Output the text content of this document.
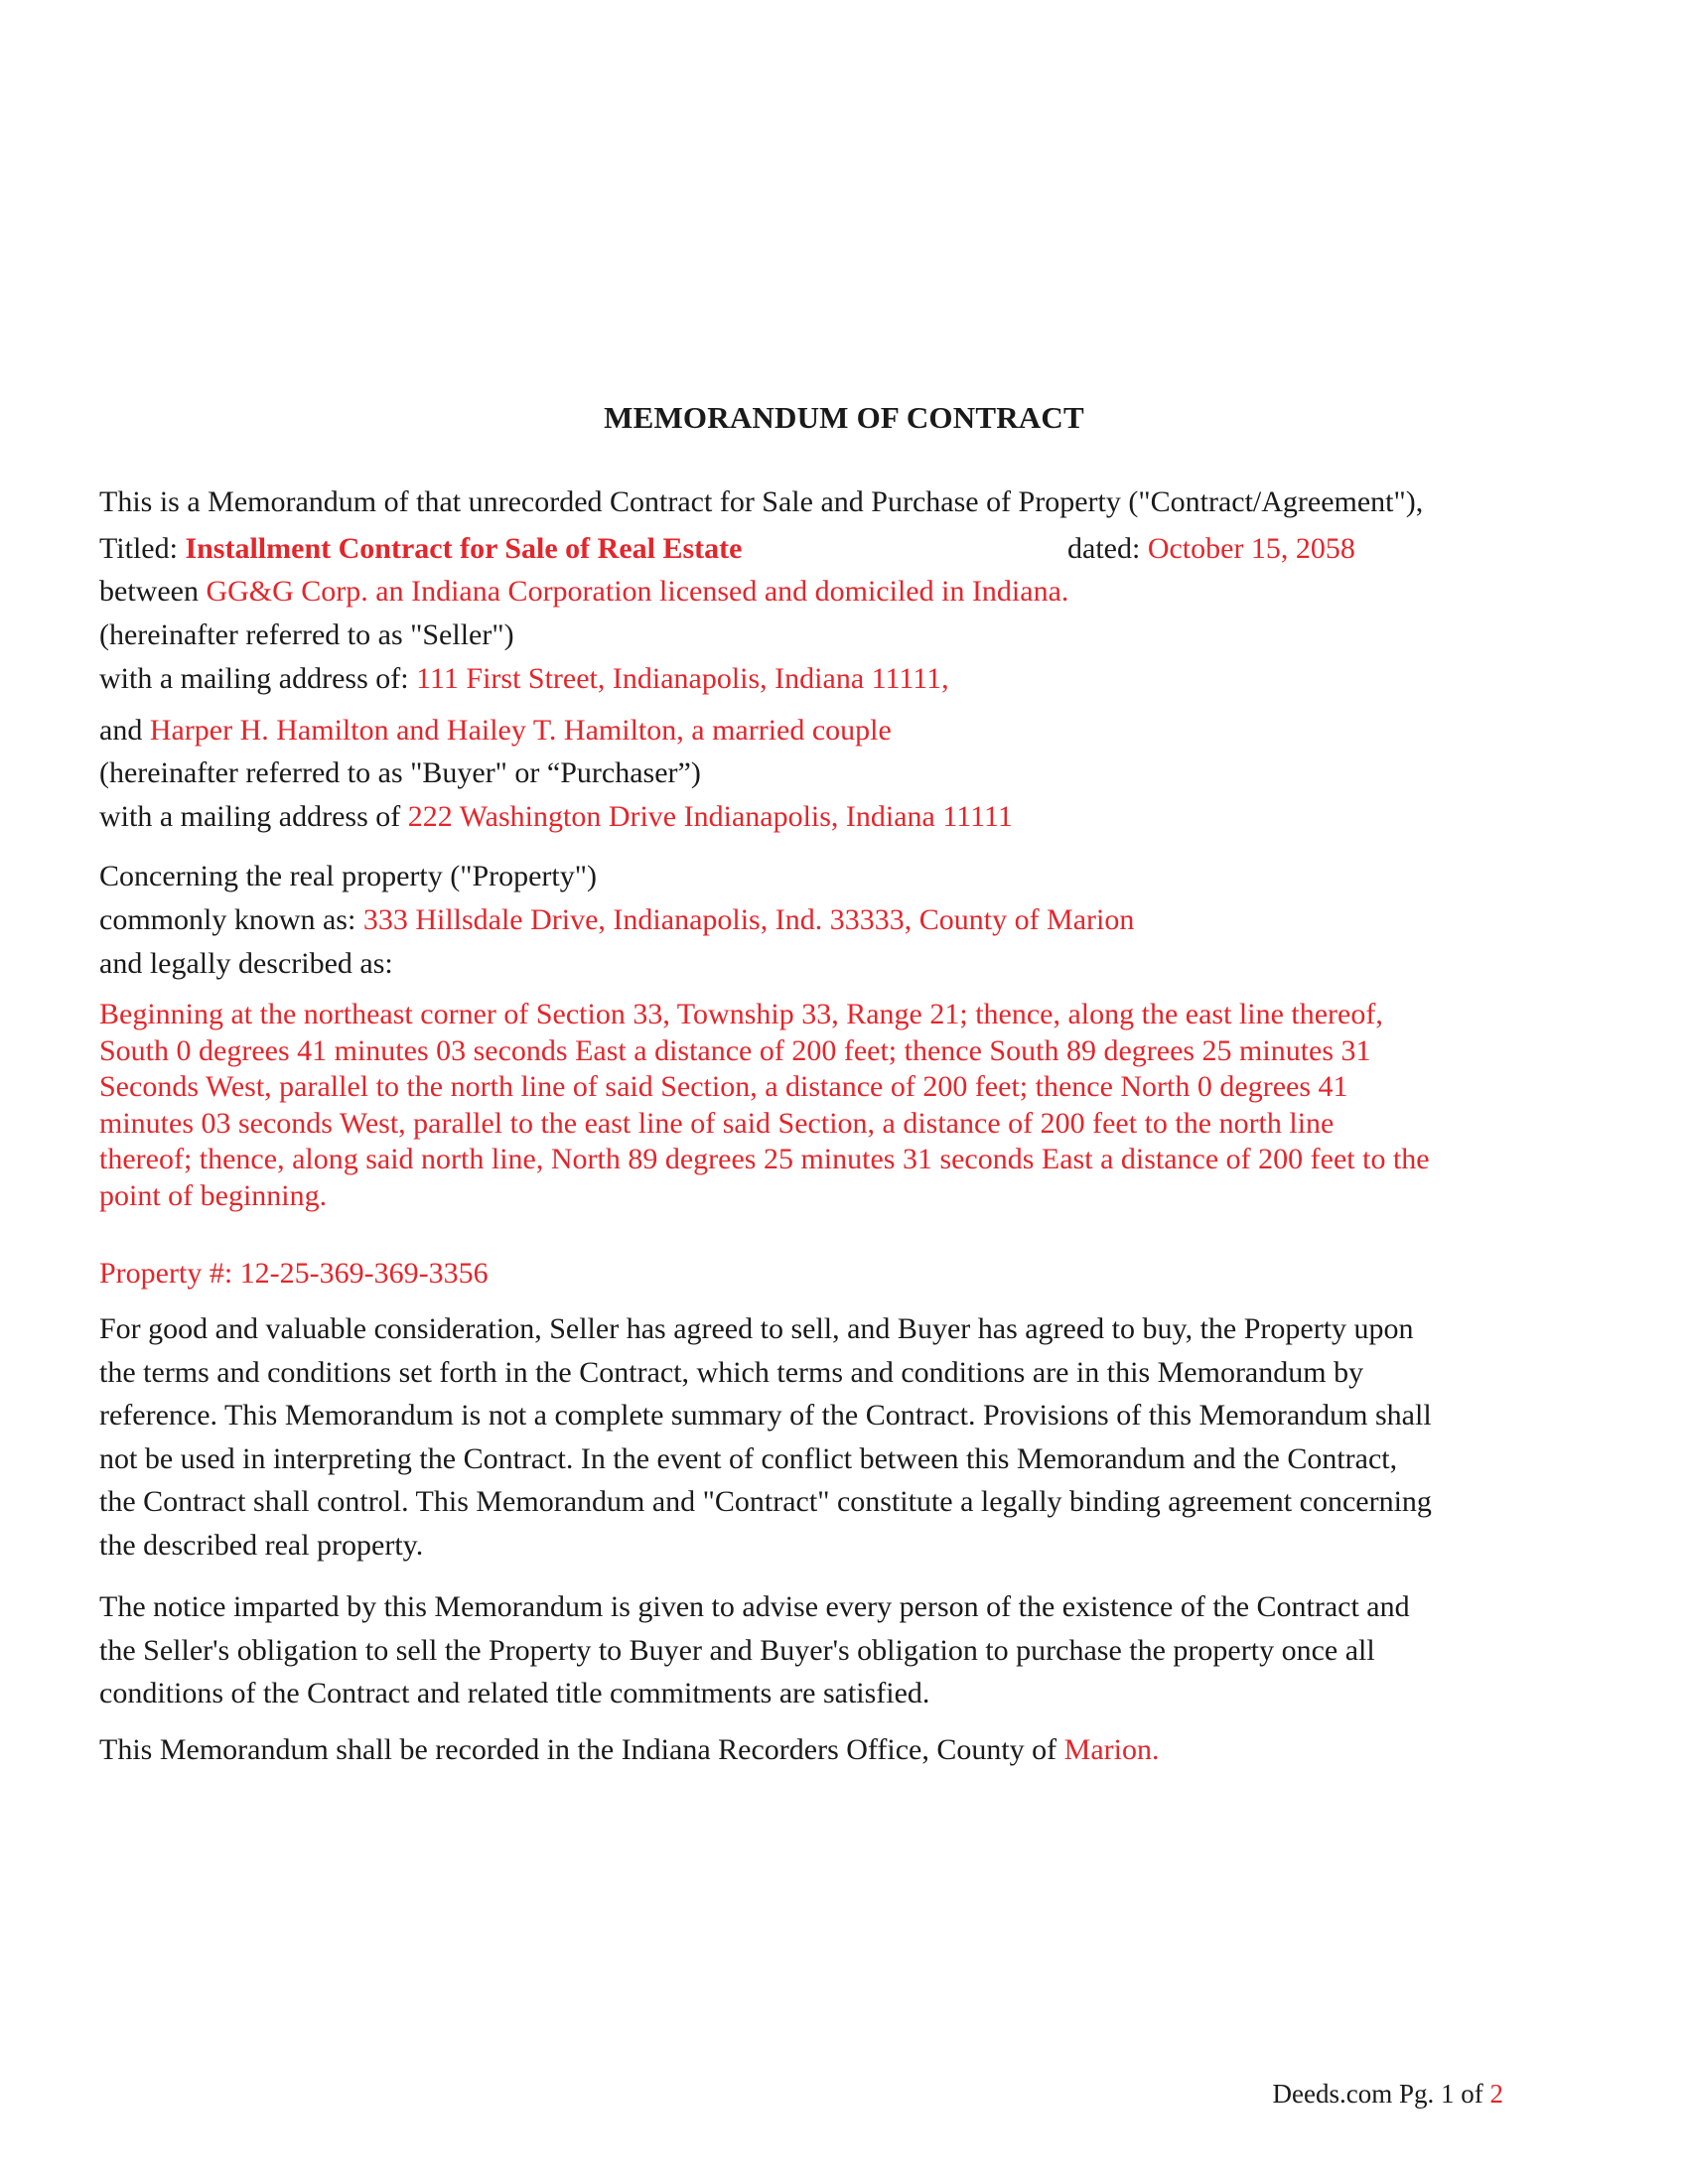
MEMORANDUM OF CONTRACT
This is a Memorandum of that unrecorded Contract for Sale and Purchase of Property ("Contract/Agreement"),
Titled: Installment Contract for Sale of Real Estate	dated: October 15, 2058
between GG&G Corp. an Indiana Corporation licensed and domiciled in Indiana.
(hereinafter referred to as "Seller")
with a mailing address of: 111 First Street, Indianapolis, Indiana 11111,
and Harper H. Hamilton and Hailey T. Hamilton, a married couple
(hereinafter referred to as "Buyer" or “Purchaser”)
with a mailing address of 222 Washington Drive Indianapolis, Indiana 11111
Concerning the real property ("Property")
commonly known as: 333 Hillsdale Drive, Indianapolis, Ind. 33333, County of Marion
and legally described as:
Beginning at the northeast corner of Section 33, Township 33, Range 21; thence, along the east line thereof,
South 0 degrees 41 minutes 03 seconds East a distance of 200 feet; thence South 89 degrees 25 minutes 31
Seconds West, parallel to the north line of said Section, a distance of 200 feet; thence North 0 degrees 41
minutes 03 seconds West, parallel to the east line of said Section, a distance of 200 feet to the north line
thereof; thence, along said north line, North 89 degrees 25 minutes 31 seconds East a distance of 200 feet to the
point of beginning.
Property #: 12-25-369-369-3356
For good and valuable consideration, Seller has agreed to sell, and Buyer has agreed to buy, the Property upon
the terms and conditions set forth in the Contract, which terms and conditions are in this Memorandum by
reference. This Memorandum is not a complete summary of the Contract. Provisions of this Memorandum shall
not be used in interpreting the Contract. In the event of conflict between this Memorandum and the Contract,
the Contract shall control. This Memorandum and "Contract" constitute a legally binding agreement concerning
the described real property.
The notice imparted by this Memorandum is given to advise every person of the existence of the Contract and
the Seller's obligation to sell the Property to Buyer and Buyer's obligation to purchase the property once all
conditions of the Contract and related title commitments are satisfied.
This Memorandum shall be recorded in the Indiana Recorders Office, County of Marion.
Deeds.com Pg. 1 of 2
